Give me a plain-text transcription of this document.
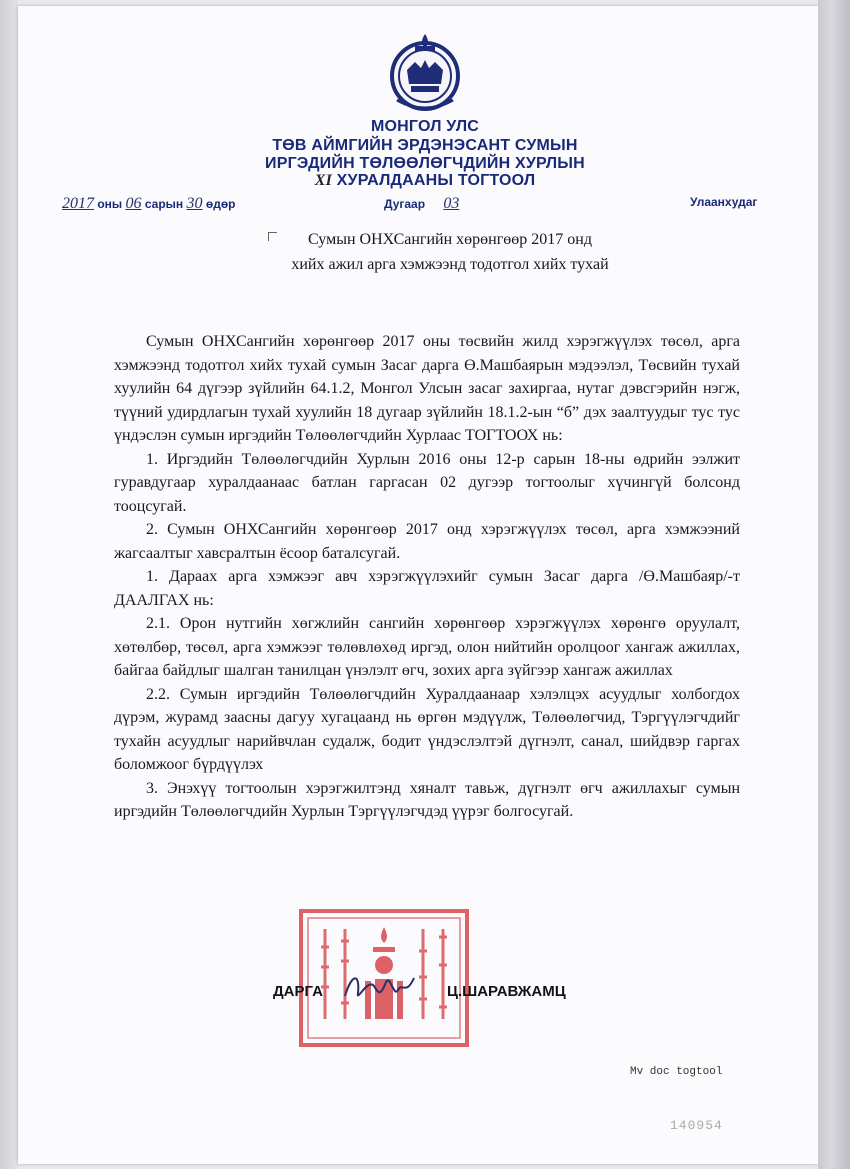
МОНГОЛ УЛС
ТӨВ АЙМГИЙН ЭРДЭНЭСАНТ СУМЫН
ИРГЭДИЙН ТӨЛӨӨЛӨГЧДИЙН ХУРЛЫН
XI ХУРАЛДААНЫ ТОГТООЛ
2017 оны 06 сарын 30 өдөр	Дугаар 03	Улаанхудаг
Сумын ОНХСангийн хөрөнгөөр 2017 онд
хийх ажил арга хэмжээнд тодотгол хийх тухай

Сумын ОНХСангийн хөрөнгөөр 2017 оны төсвийн жилд хэрэгжүүлэх төсөл, арга хэмжээнд тодотгол хийх тухай сумын Засаг дарга Ө.Машбаярын мэдээлэл, Төсвийн тухай хуулийн 64 дүгээр зүйлийн 64.1.2, Монгол Улсын засаг захиргаа, нутаг дэвсгэрийн нэгж, түүний удирдлагын тухай хуулийн 18 дугаар зүйлийн 18.1.2-ын “б” дэх заалтуудыг тус тус үндэслэн сумын иргэдийн Төлөөлөгчдийн Хурлаас ТОГТООХ нь:

1. Иргэдийн Төлөөлөгчдийн Хурлын 2016 оны 12-р сарын 18-ны өдрийн ээлжит гуравдугаар хуралдаанаас батлан гаргасан 02 дугээр тогтоолыг хүчингүй болсонд тооцсугай.

2. Сумын ОНХСангийн хөрөнгөөр 2017 онд хэрэгжүүлэх төсөл, арга хэмжээний жагсаалтыг хавсралтын ёсоор баталсугай.

1. Дараах арга хэмжээг авч хэрэгжүүлэхийг сумын Засаг дарга /Ө.Машбаяр/-т ДААЛГАХ нь:

2.1. Орон нутгийн хөгжлийн сангийн хөрөнгөөр хэрэгжүүлэх хөрөнгө оруулалт, хөтөлбөр, төсөл, арга хэмжээг төлөвлөхөд иргэд, олон нийтийн оролцоог хангаж ажиллах, байгаа байдлыг шалган танилцан үнэлэлт өгч, зохих арга зүйгээр хангаж ажиллах

2.2. Сумын иргэдийн Төлөөлөгчдийн Хуралдаанаар хэлэлцэх асуудлыг холбогдох дүрэм, журамд заасны дагуу хугацаанд нь өргөн мэдүүлж, Төлөөлөгчид, Тэргүүлэгчдийг тухайн асуудлыг нарийвчлан судалж, бодит үндэслэлтэй дүгнэлт, санал, шийдвэр гаргах боломжоог бүрдүүлэх

3. Энэхүү тогтоолын хэрэгжилтэнд хяналт тавьж, дүгнэлт өгч ажиллахыг сумын иргэдийн Төлөөлөгчдийн Хурлын Тэргүүлэгчдэд үүрэг болгосугай.

ДАРГА	Ц.ШАРАВЖАМЦ
Mv doc togtool
140954
